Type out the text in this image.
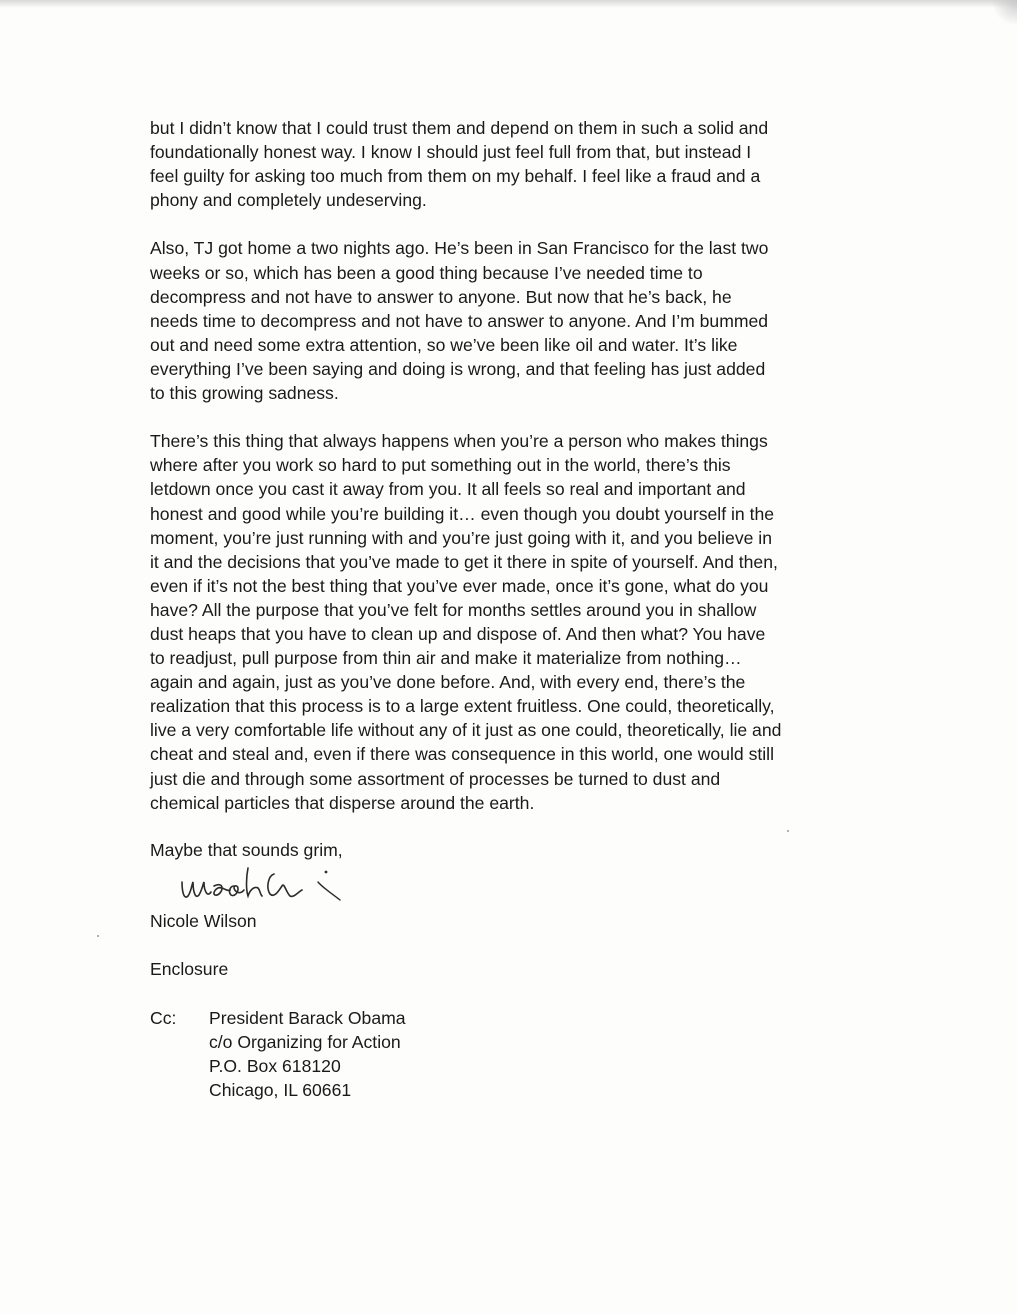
but I didn’t know that I could trust them and depend on them in such a solid and
foundationally honest way. I know I should just feel full from that, but instead I
feel guilty for asking too much from them on my behalf. I feel like a fraud and a
phony and completely undeserving.

Also, TJ got home a two nights ago. He’s been in San Francisco for the last two
weeks or so, which has been a good thing because I’ve needed time to
decompress and not have to answer to anyone. But now that he’s back, he
needs time to decompress and not have to answer to anyone. And I’m bummed
out and need some extra attention, so we’ve been like oil and water. It’s like
everything I’ve been saying and doing is wrong, and that feeling has just added
to this growing sadness.

There’s this thing that always happens when you’re a person who makes things
where after you work so hard to put something out in the world, there’s this
letdown once you cast it away from you. It all feels so real and important and
honest and good while you’re building it… even though you doubt yourself in the
moment, you’re just running with and you’re just going with it, and you believe in
it and the decisions that you’ve made to get it there in spite of yourself. And then,
even if it’s not the best thing that you’ve ever made, once it’s gone, what do you
have? All the purpose that you’ve felt for months settles around you in shallow
dust heaps that you have to clean up and dispose of. And then what? You have
to readjust, pull purpose from thin air and make it materialize from nothing…
again and again, just as you’ve done before. And, with every end, there’s the
realization that this process is to a large extent fruitless. One could, theoretically,
live a very comfortable life without any of it just as one could, theoretically, lie and
cheat and steal and, even if there was consequence in this world, one would still
just die and through some assortment of processes be turned to dust and
chemical particles that disperse around the earth.

Maybe that sounds grim,
Nicole Wilson
Enclosure
Cc: President Barack Obama
c/o Organizing for Action
P.O. Box 618120
Chicago, IL 60661
